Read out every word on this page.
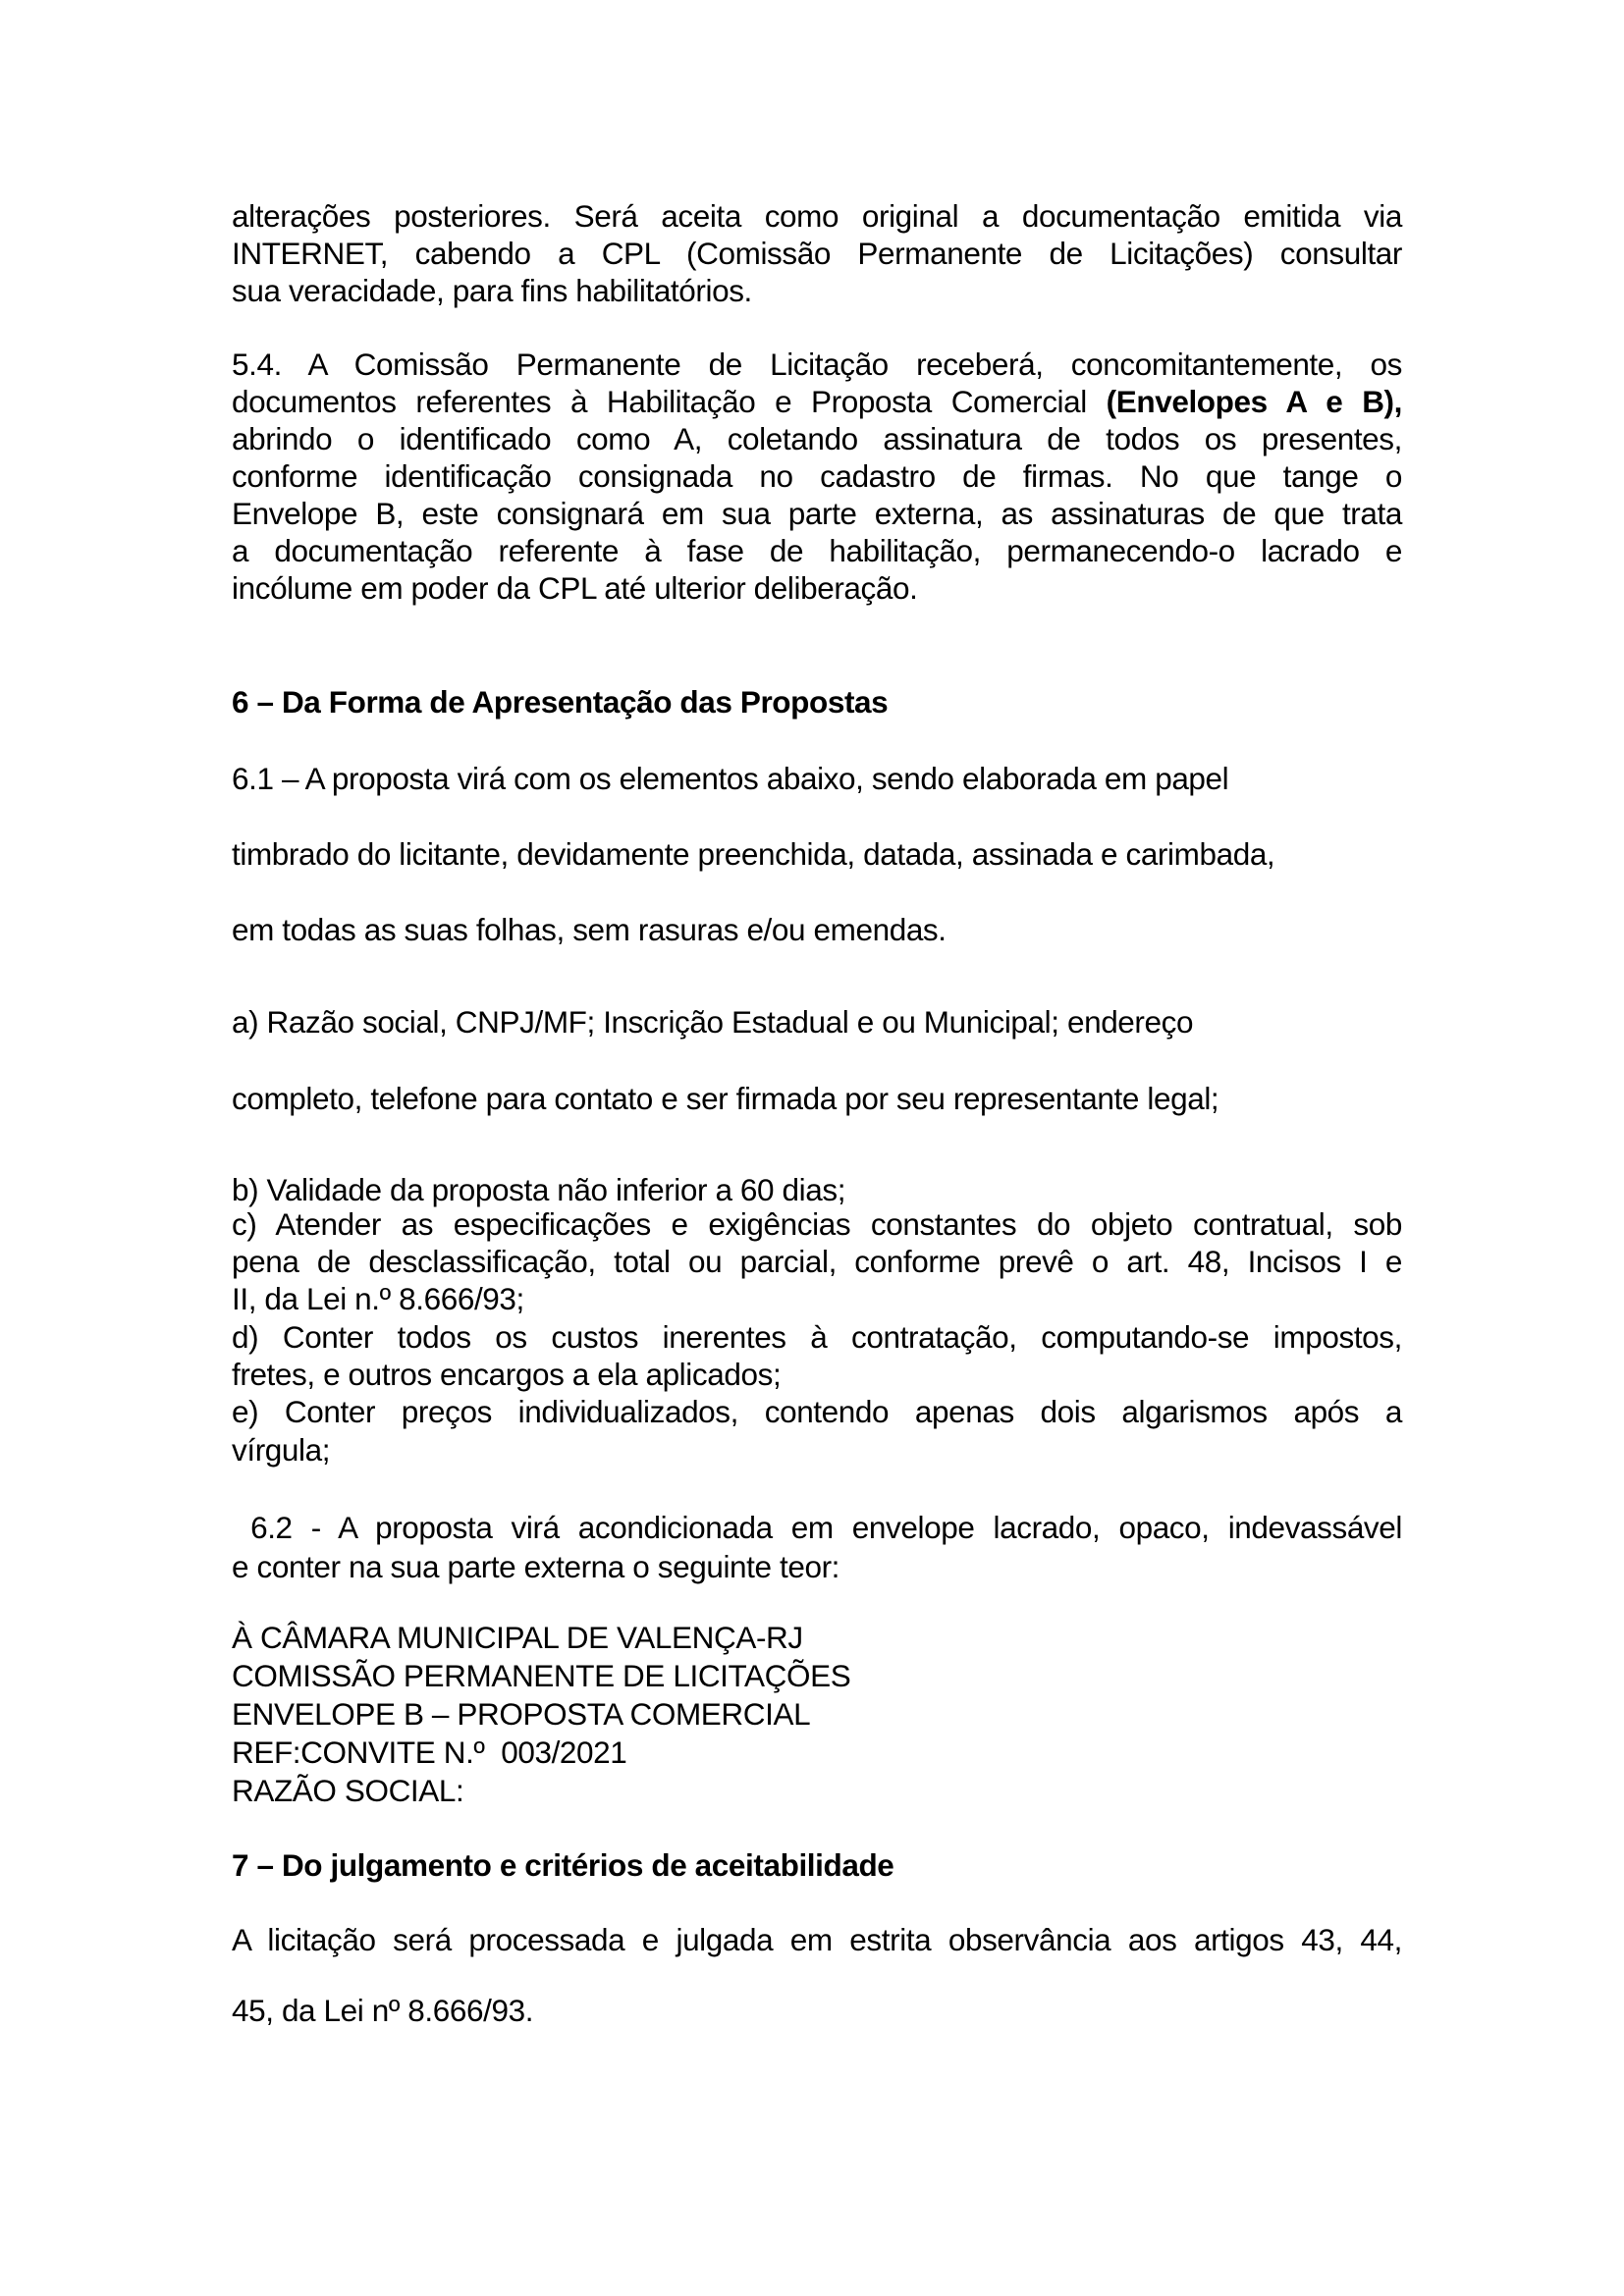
alterações posteriores. Será aceita como original a documentação emitida via
INTERNET, cabendo a CPL (Comissão Permanente de Licitações) consultar
sua veracidade, para fins habilitatórios.
5.4. A Comissão Permanente de Licitação receberá, concomitantemente, os
documentos referentes à Habilitação e Proposta Comercial (Envelopes A e B),
abrindo o identificado como A, coletando assinatura de todos os presentes,
conforme identificação consignada no cadastro de firmas. No que tange o
Envelope B, este consignará em sua parte externa, as assinaturas de que trata
a documentação referente à fase de habilitação, permanecendo-o lacrado e
incólume em poder da CPL até ulterior deliberação.
6 – Da Forma de Apresentação das Propostas
6.1 – A proposta virá com os elementos abaixo, sendo elaborada em papel
timbrado do licitante, devidamente preenchida, datada, assinada e carimbada,
em todas as suas folhas, sem rasuras e/ou emendas.
a) Razão social, CNPJ/MF; Inscrição Estadual e ou Municipal; endereço
completo, telefone para contato e ser firmada por seu representante legal;
b) Validade da proposta não inferior a 60 dias;
c) Atender as especificações e exigências constantes do objeto contratual, sob
pena de desclassificação, total ou parcial, conforme prevê o art. 48, Incisos I e
II, da Lei n.º 8.666/93;
d) Conter todos os custos inerentes à contratação, computando-se impostos,
fretes, e outros encargos a ela aplicados;
e) Conter preços individualizados, contendo apenas dois algarismos após a
vírgula;
6.2 - A proposta virá acondicionada em envelope lacrado, opaco, indevassável
e conter na sua parte externa o seguinte teor:
À CÂMARA MUNICIPAL DE VALENÇA-RJ
COMISSÃO PERMANENTE DE LICITAÇÕES
ENVELOPE B – PROPOSTA COMERCIAL
REF:CONVITE N.º  003/2021
RAZÃO SOCIAL:
7 – Do julgamento e critérios de aceitabilidade
A licitação será processada e julgada em estrita observância aos artigos 43, 44,
45, da Lei nº 8.666/93.
